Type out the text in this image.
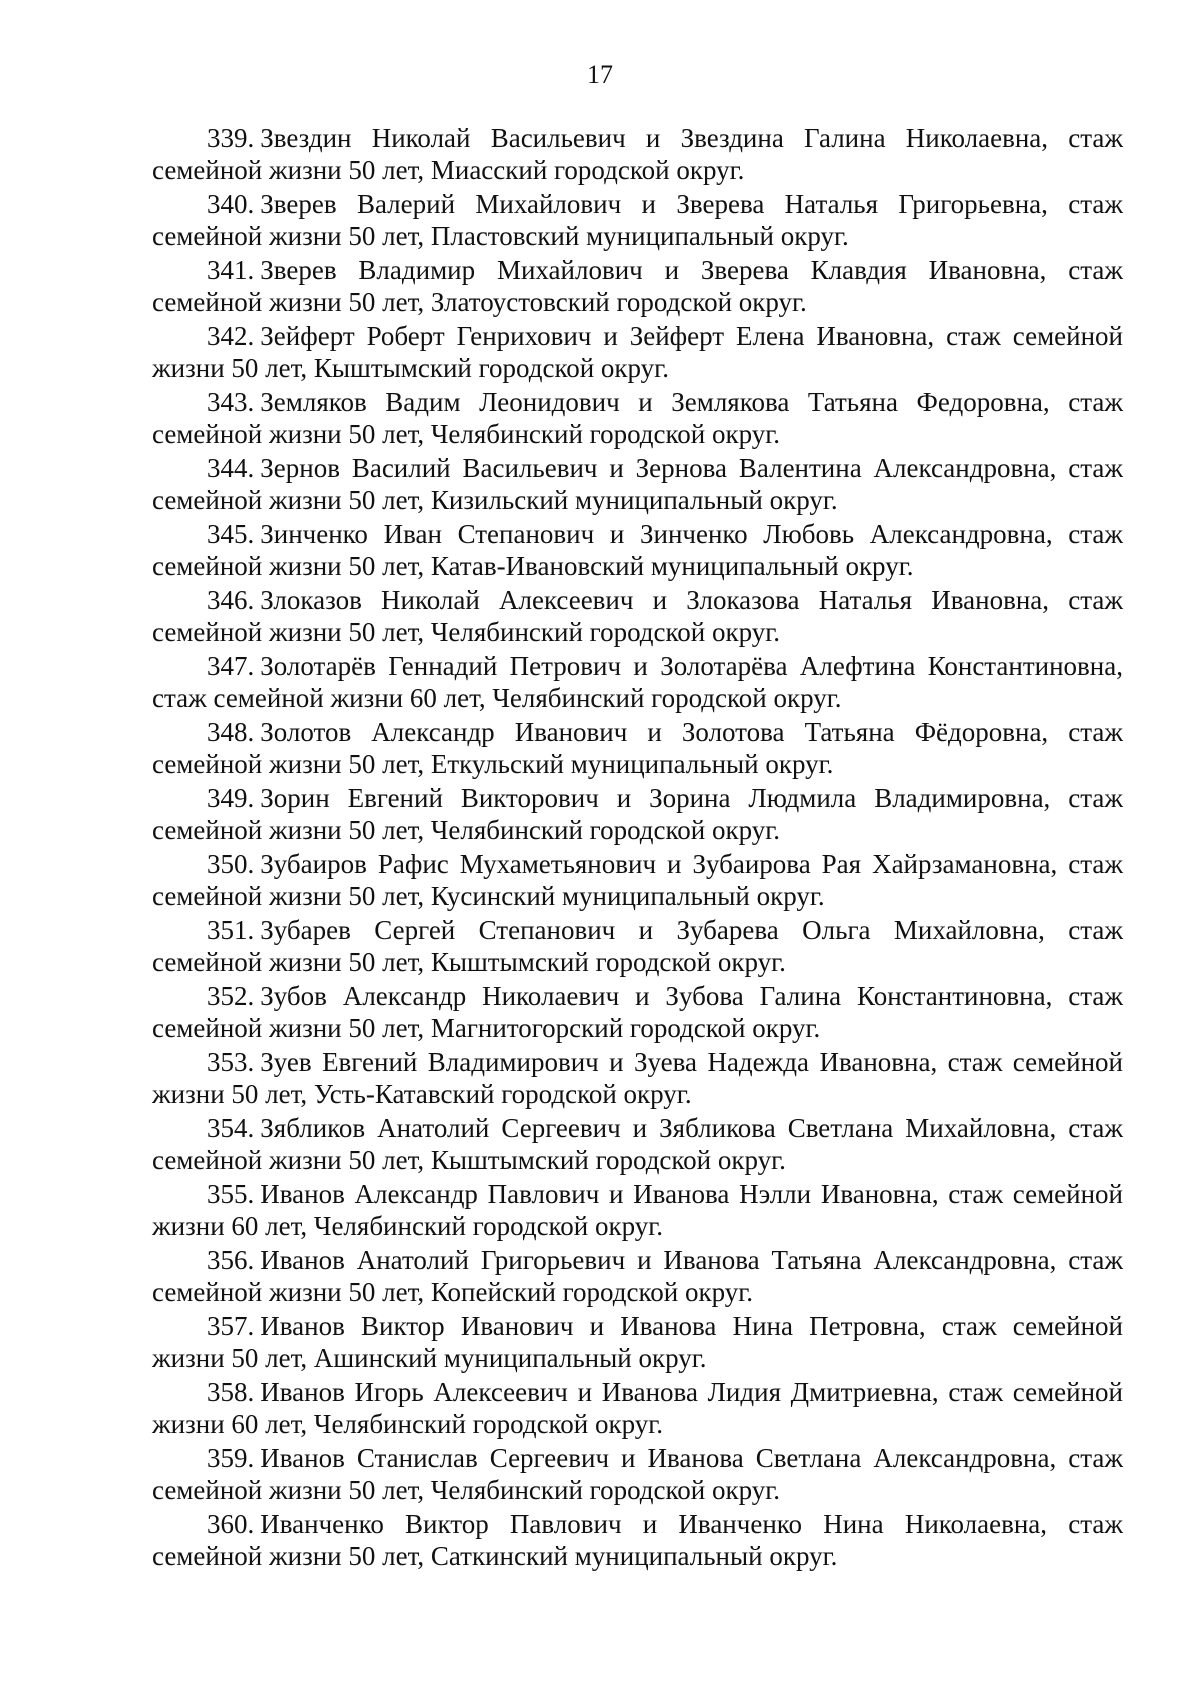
17

339. Звездин Николай Васильевич и Звездина Галина Николаевна, стаж семейной жизни 50 лет, Миасский городской округ.

340. Зверев Валерий Михайлович и Зверева Наталья Григорьевна, стаж семейной жизни 50 лет, Пластовский муниципальный округ.

341. Зверев Владимир Михайлович и Зверева Клавдия Ивановна, стаж семейной жизни 50 лет, Златоустовский городской округ.

342. Зейферт Роберт Генрихович и Зейферт Елена Ивановна, стаж семейной жизни 50 лет, Кыштымский городской округ.

343. Земляков Вадим Леонидович и Землякова Татьяна Федоровна, стаж семейной жизни 50 лет, Челябинский городской округ.

344. Зернов Василий Васильевич и Зернова Валентина Александровна, стаж семейной жизни 50 лет, Кизильский муниципальный округ.

345. Зинченко Иван Степанович и Зинченко Любовь Александровна, стаж семейной жизни 50 лет, Катав-Ивановский муниципальный округ.

346. Злоказов Николай Алексеевич и Злоказова Наталья Ивановна, стаж семейной жизни 50 лет, Челябинский городской округ.

347. Золотарёв Геннадий Петрович и Золотарёва Алефтина Константиновна, стаж семейной жизни 60 лет, Челябинский городской округ.

348. Золотов Александр Иванович и Золотова Татьяна Фёдоровна, стаж семейной жизни 50 лет, Еткульский муниципальный округ.

349. Зорин Евгений Викторович и Зорина Людмила Владимировна, стаж семейной жизни 50 лет, Челябинский городской округ.

350. Зубаиров Рафис Мухаметьянович и Зубаирова Рая Хайрзамановна, стаж семейной жизни 50 лет, Кусинский муниципальный округ.

351. Зубарев Сергей Степанович и Зубарева Ольга Михайловна, стаж семейной жизни 50 лет, Кыштымский городской округ.

352. Зубов Александр Николаевич и Зубова Галина Константиновна, стаж семейной жизни 50 лет, Магнитогорский городской округ.

353. Зуев Евгений Владимирович и Зуева Надежда Ивановна, стаж семейной жизни 50 лет, Усть-Катавский городской округ.

354. Зябликов Анатолий Сергеевич и Зябликова Светлана Михайловна, стаж семейной жизни 50 лет, Кыштымский городской округ.

355. Иванов Александр Павлович и Иванова Нэлли Ивановна, стаж семейной жизни 60 лет, Челябинский городской округ.

356. Иванов Анатолий Григорьевич и Иванова Татьяна Александровна, стаж семейной жизни 50 лет, Копейский городской округ.

357. Иванов Виктор Иванович и Иванова Нина Петровна, стаж семейной жизни 50 лет, Ашинский муниципальный округ.

358. Иванов Игорь Алексеевич и Иванова Лидия Дмитриевна, стаж семейной жизни 60 лет, Челябинский городской округ.

359. Иванов Станислав Сергеевич и Иванова Светлана Александровна, стаж семейной жизни 50 лет, Челябинский городской округ.

360. Иванченко Виктор Павлович и Иванченко Нина Николаевна, стаж семейной жизни 50 лет, Саткинский муниципальный округ.
